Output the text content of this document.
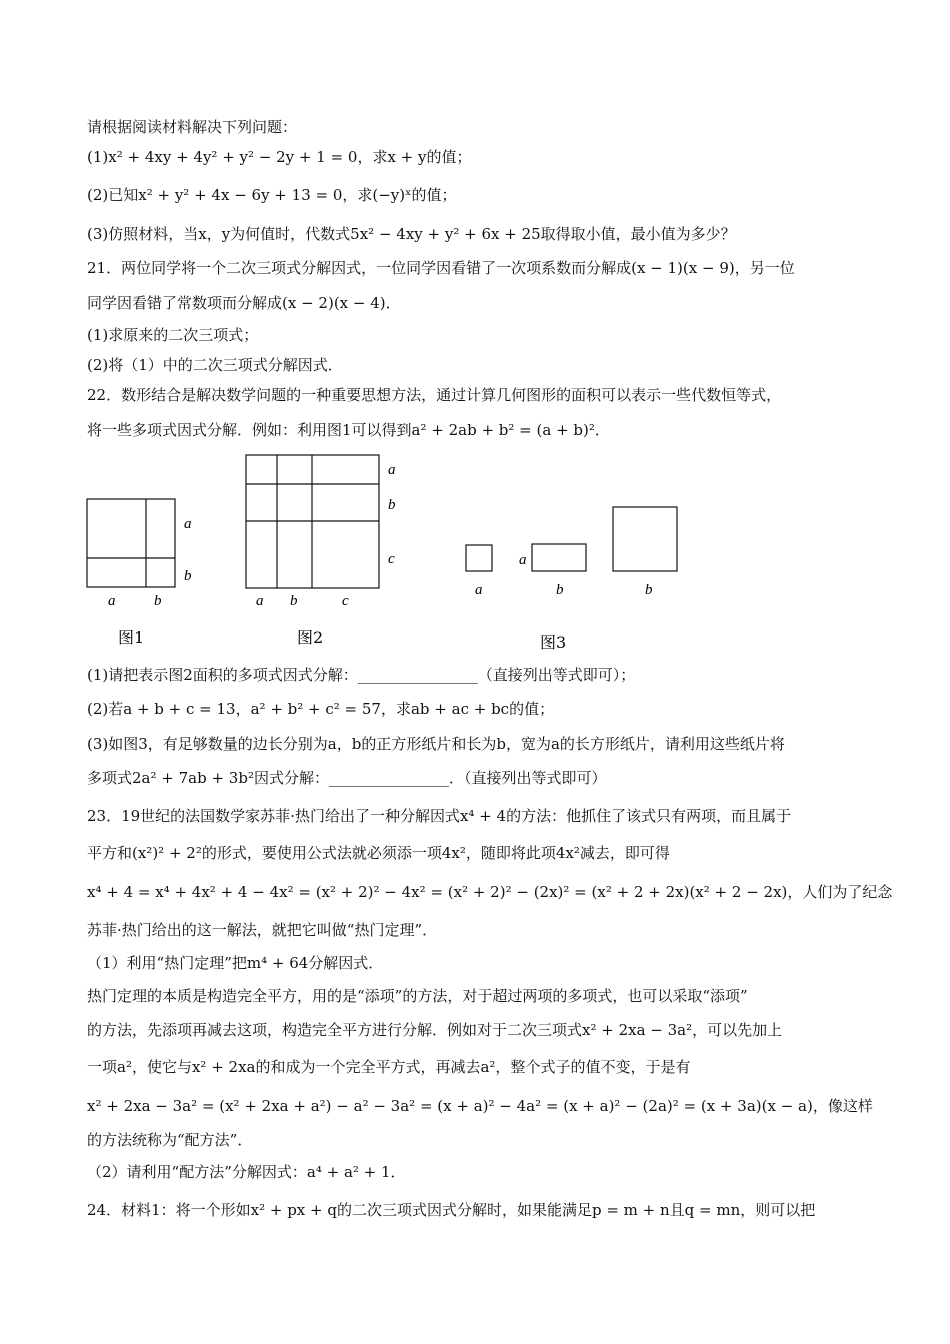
请根据阅读材料解决下列问题：
(1)x² + 4xy + 4y² + y² − 2y + 1 = 0，求x + y的值；
(2)已知x² + y² + 4x − 6y + 13 = 0，求(−y)ˣ的值；
(3)仿照材料，当x，y为何值时，代数式5x² − 4xy + y² + 6x + 25取得取小值，最小值为多少？
21．两位同学将一个二次三项式分解因式，一位同学因看错了一次项系数而分解成(x − 1)(x − 9)，另一位
同学因看错了常数项而分解成(x − 2)(x − 4)．
(1)求原来的二次三项式；
(2)将（1）中的二次三项式分解因式．
22．数形结合是解决数学问题的一种重要思想方法，通过计算几何图形的面积可以表示一些代数恒等式，
将一些多项式因式分解．例如：利用图1可以得到a² + 2ab + b² = (a + b)²．
a
b
a	b
图1
a
b
c
a b	c
图2
a
a
b	b
图3
(1)请把表示图2面积的多项式因式分解：________________（直接列出等式即可）；
(2)若a + b + c = 13，a² + b² + c² = 57，求ab + ac + bc的值；
(3)如图3，有足够数量的边长分别为a，b的正方形纸片和长为b，宽为a的长方形纸片，请利用这些纸片将
多项式2a² + 7ab + 3b²因式分解：________________．（直接列出等式即可）
23．19世纪的法国数学家苏菲·热门给出了一种分解因式x⁴ + 4的方法：他抓住了该式只有两项，而且属于
平方和(x²)² + 2²的形式，要使用公式法就必须添一项4x²，随即将此项4x²减去，即可得
x⁴ + 4 = x⁴ + 4x² + 4 − 4x² = (x² + 2)² − 4x² = (x² + 2)² − (2x)² = (x² + 2 + 2x)(x² + 2 − 2x)，人们为了纪念
苏菲·热门给出的这一解法，就把它叫做“热门定理”．
（1）利用“热门定理”把m⁴ + 64分解因式．
热门定理的本质是构造完全平方，用的是“添项”的方法，对于超过两项的多项式，也可以采取“添项”
的方法，先添项再减去这项，构造完全平方进行分解．例如对于二次三项式x² + 2xa − 3a²，可以先加上
一项a²，使它与x² + 2xa的和成为一个完全平方式，再减去a²，整个式子的值不变，于是有
x² + 2xa − 3a² = (x² + 2xa + a²) − a² − 3a² = (x + a)² − 4a² = (x + a)² − (2a)² = (x + 3a)(x − a)，像这样
的方法统称为“配方法”．
（2）请利用“配方法”分解因式：a⁴ + a² + 1．
24．材料1：将一个形如x² + px + q的二次三项式因式分解时，如果能满足p = m + n且q = mn，则可以把
